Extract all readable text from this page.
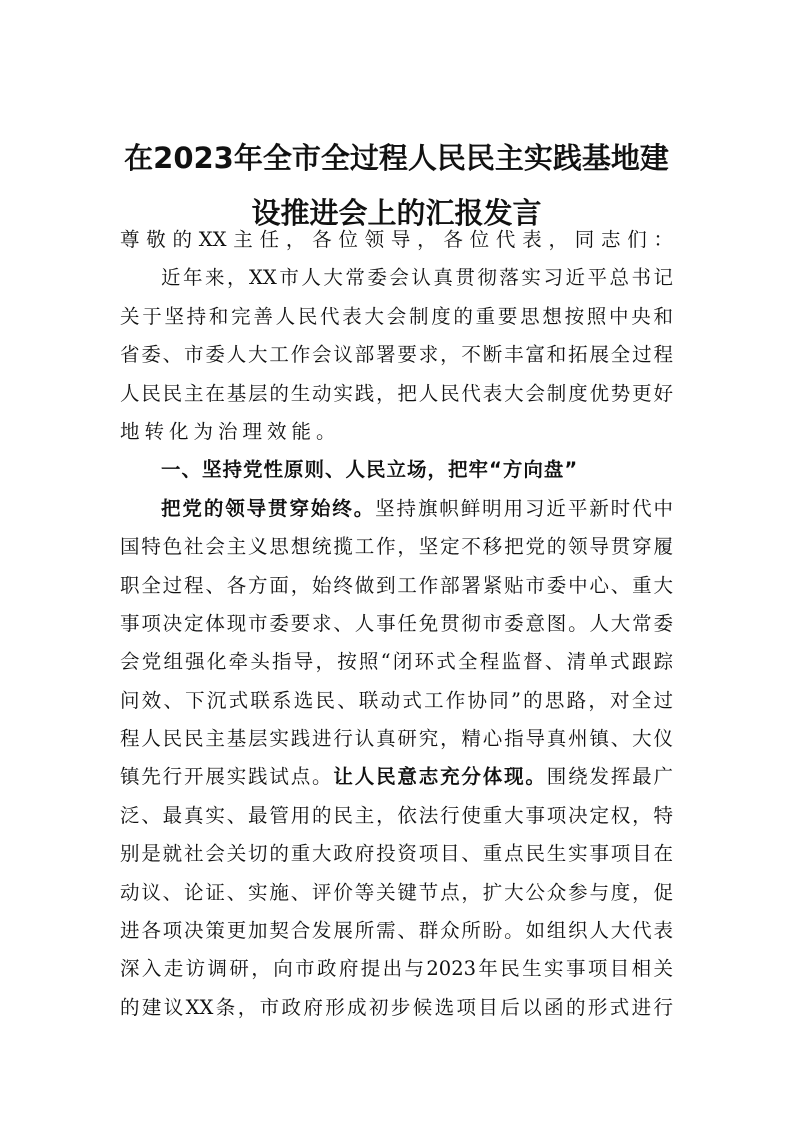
在2023年全市全过程人民民主实践基地建
设推进会上的汇报发言
尊敬的XX主任，各位领导，各位代表，同志们：
近年来，XX市人大常委会认真贯彻落实习近平总书记
关于坚持和完善人民代表大会制度的重要思想按照中央和
省委、市委人大工作会议部署要求，不断丰富和拓展全过程
人民民主在基层的生动实践，把人民代表大会制度优势更好
地转化为治理效能。
一、坚持党性原则、人民立场，把牢“方向盘”
把党的领导贯穿始终。坚持旗帜鲜明用习近平新时代中
国特色社会主义思想统揽工作，坚定不移把党的领导贯穿履
职全过程、各方面，始终做到工作部署紧贴市委中心、重大
事项决定体现市委要求、人事任免贯彻市委意图。人大常委
会党组强化牵头指导，按照“闭环式全程监督、清单式跟踪
问效、下沉式联系选民、联动式工作协同”的思路，对全过
程人民民主基层实践进行认真研究，精心指导真州镇、大仪
镇先行开展实践试点。让人民意志充分体现。围绕发挥最广
泛、最真实、最管用的民主，依法行使重大事项决定权，特
别是就社会关切的重大政府投资项目、重点民生实事项目在
动议、论证、实施、评价等关键节点，扩大公众参与度，促
进各项决策更加契合发展所需、群众所盼。如组织人大代表
深入走访调研，向市政府提出与2023年民生实事项目相关
的建议XX条，市政府形成初步候选项目后以函的形式进行
